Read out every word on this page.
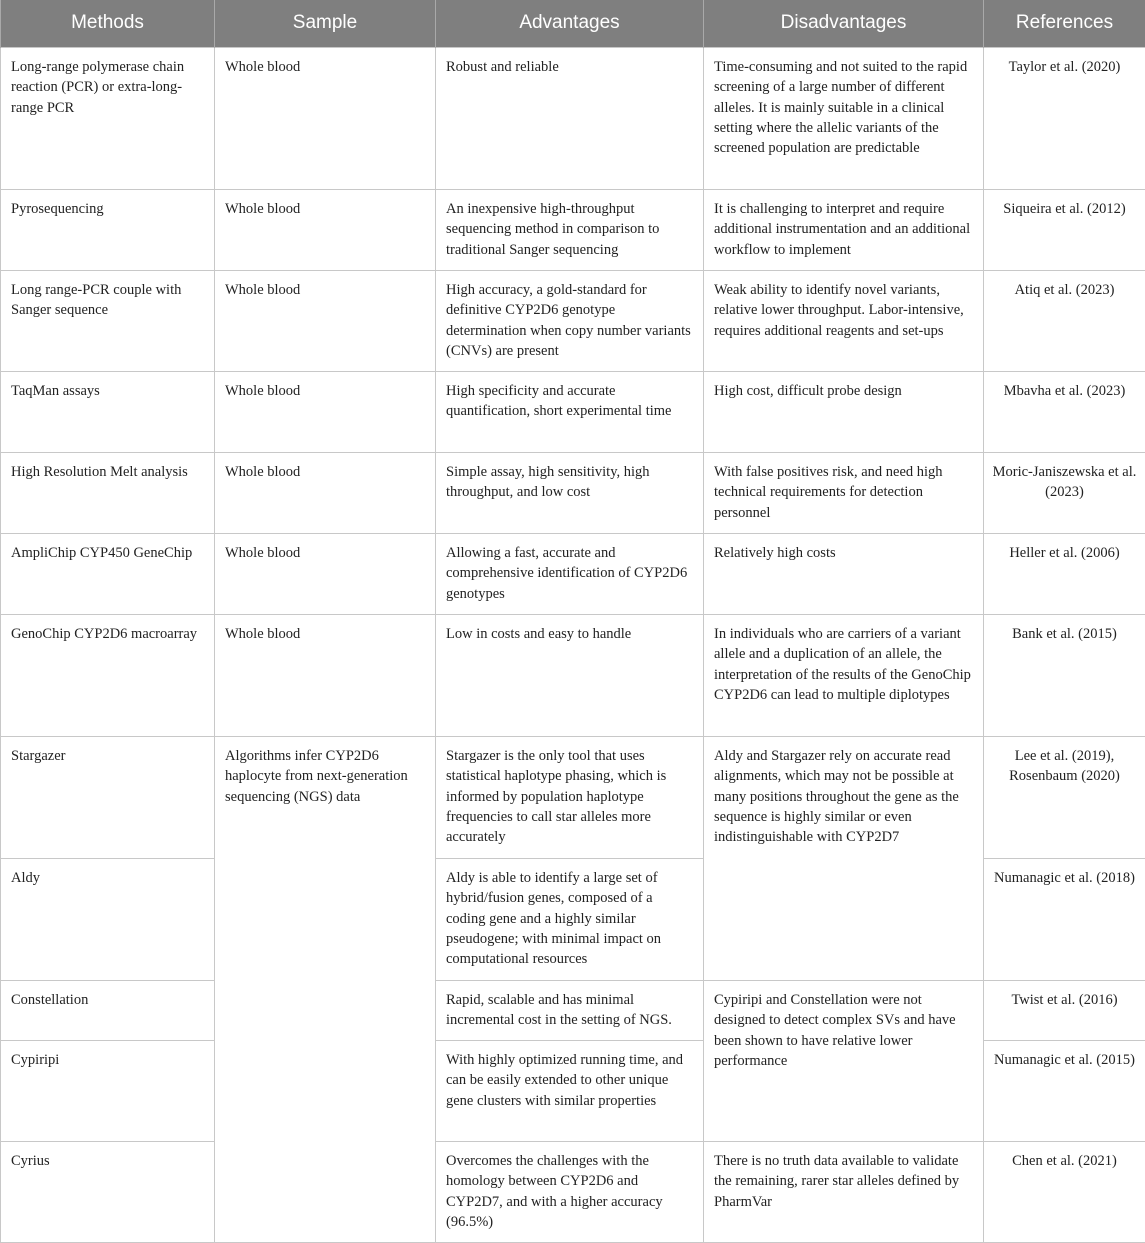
Methods	Sample	Advantages	Disadvantages	References
Long-range polymerase chain reaction (PCR) or extra-long-range PCR	Whole blood	Robust and reliable	Time-consuming and not suited to the rapid screening of a large number of different alleles. It is mainly suitable in a clinical setting where the allelic variants of the screened population are predictable	Taylor et al. (2020)
Pyrosequencing	Whole blood	An inexpensive high-throughput sequencing method in comparison to traditional Sanger sequencing	It is challenging to interpret and require additional instrumentation and an additional workflow to implement	Siqueira et al. (2012)
Long range-PCR couple with Sanger sequence	Whole blood	High accuracy, a gold-standard for definitive CYP2D6 genotype determination when copy number variants (CNVs) are present	Weak ability to identify novel variants, relative lower throughput. Labor-intensive, requires additional reagents and set-ups	Atiq et al. (2023)
TaqMan assays	Whole blood	High specificity and accurate quantification, short experimental time	High cost, difficult probe design	Mbavha et al. (2023)
High Resolution Melt analysis	Whole blood	Simple assay, high sensitivity, high throughput, and low cost	With false positives risk, and need high technical requirements for detection personnel	Moric-Janiszewska et al. (2023)
AmpliChip CYP450 GeneChip	Whole blood	Allowing a fast, accurate and comprehensive identification of CYP2D6 genotypes	Relatively high costs	Heller et al. (2006)
GenoChip CYP2D6 macroarray	Whole blood	Low in costs and easy to handle	In individuals who are carriers of a variant allele and a duplication of an allele, the interpretation of the results of the GenoChip CYP2D6 can lead to multiple diplotypes	Bank et al. (2015)
Stargazer	Algorithms infer CYP2D6 haplocyte from next-generation sequencing (NGS) data	Stargazer is the only tool that uses statistical haplotype phasing, which is informed by population haplotype frequencies to call star alleles more accurately	Aldy and Stargazer rely on accurate read alignments, which may not be possible at many positions throughout the gene as the sequence is highly similar or even indistinguishable with CYP2D7	Lee et al. (2019), Rosenbaum (2020)
Aldy		Aldy is able to identify a large set of hybrid/fusion genes, composed of a coding gene and a highly similar pseudogene; with minimal impact on computational resources		Numanagic et al. (2018)
Constellation		Rapid, scalable and has minimal incremental cost in the setting of NGS.	Cypiripi and Constellation were not designed to detect complex SVs and have been shown to have relative lower performance	Twist et al. (2016)
Cypiripi		With highly optimized running time, and can be easily extended to other unique gene clusters with similar properties		Numanagic et al. (2015)
Cyrius		Overcomes the challenges with the homology between CYP2D6 and CYP2D7, and with a higher accuracy (96.5%)	There is no truth data available to validate the remaining, rarer star alleles defined by PharmVar	Chen et al. (2021)
